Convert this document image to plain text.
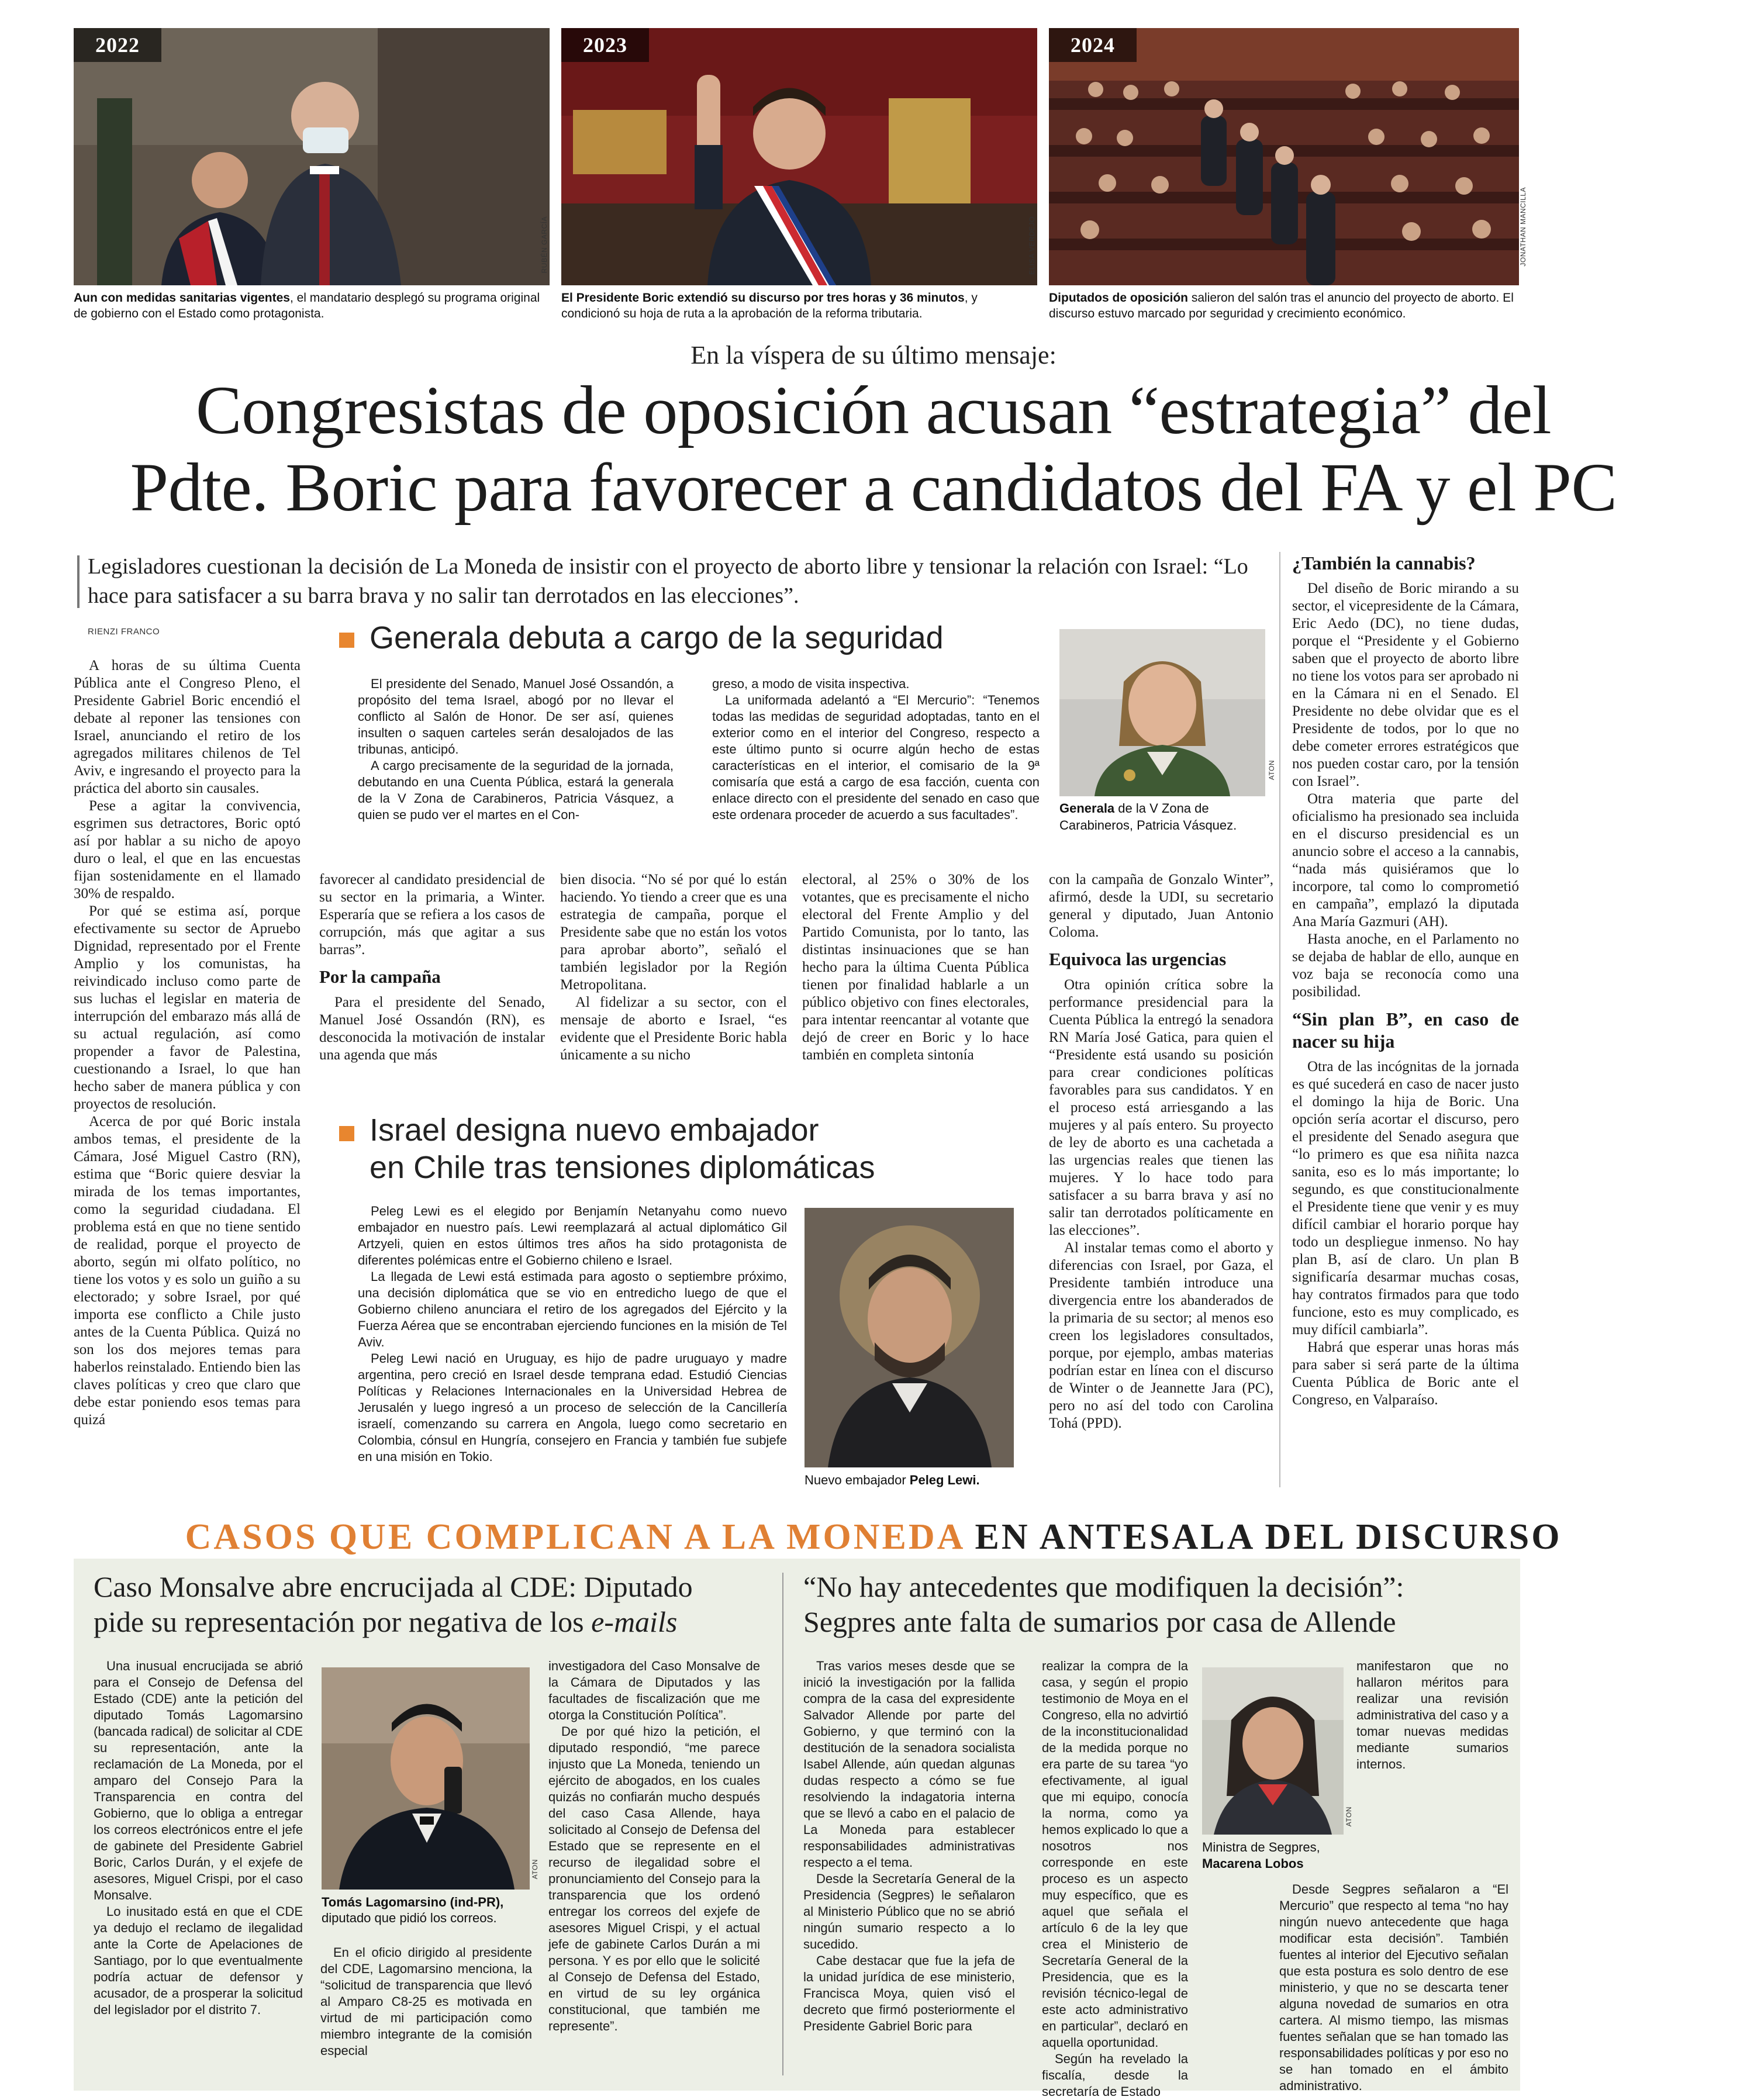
2022
RUBÉN GARCÍA
2023
ELISA VERDEJO
2024
JONATHAN MANCILLA
Aun con medidas sanitarias vigentes, el mandatario desplegó su programa original de gobierno con el Estado como protagonista.
El Presidente Boric extendió su discurso por tres horas y 36 minutos, y condicionó su hoja de ruta a la aprobación de la reforma tributaria.
Diputados de oposición salieron del salón tras el anuncio del proyecto de aborto. El discurso estuvo marcado por seguridad y crecimiento económico.
En la víspera de su último mensaje:
Congresistas de oposición acusan “estrategia” del
Pdte. Boric para favorecer a candidatos del FA y el PC
Legisladores cuestionan la decisión de La Moneda de insistir con el proyecto de aborto libre y tensionar la relación con Israel: “Lo hace para satisfacer a su barra brava y no salir tan derrotados en las elecciones”.
RIENZI FRANCO

A horas de su última Cuenta Pública ante el Congreso Pleno, el Presidente Gabriel Boric encendió el debate al reponer las tensiones con Israel, anunciando el retiro de los agregados militares chilenos de Tel Aviv, e ingresando el proyecto para la práctica del aborto sin causales.

Pese a agitar la convivencia, esgrimen sus detractores, Boric optó así por hablar a su nicho de apoyo duro o leal, el que en las encuestas fijan sostenidamente en el llamado 30% de respaldo.

Por qué se estima así, porque efectivamente su sector de Apruebo Dignidad, representado por el Frente Amplio y los comunistas, ha reivindicado incluso como parte de sus luchas el legislar en materia de interrupción del embarazo más allá de su actual regulación, así como propender a favor de Palestina, cuestionando a Israel, lo que han hecho saber de manera pública y con proyectos de resolución.

Acerca de por qué Boric instala ambos temas, el presidente de la Cámara, José Miguel Castro (RN), estima que “Boric quiere desviar la mirada de los temas importantes, como la seguridad ciudadana. El problema está en que no tiene sentido de realidad, porque el proyecto de aborto, según mi olfato político, no tiene los votos y es solo un guiño a su electorado; y sobre Israel, por qué importa ese conflicto a Chile justo antes de la Cuenta Pública. Quizá no son los dos mejores temas para haberlos reinstalado. Entiendo bien las claves políticas y creo que claro que debe estar poniendo esos temas para quizá

Generala debuta a cargo de la seguridad

El presidente del Senado, Manuel José Ossandón, a propósito del tema Israel, abogó por no llevar el conflicto al Salón de Honor. De ser así, quienes insulten o saquen carteles serán desalojados de las tribunas, anticipó.

A cargo precisamente de la seguridad de la jornada, debutando en una Cuenta Pública, estará la generala de la V Zona de Carabineros, Patricia Vásquez, a quien se pudo ver el martes en el Con-

greso, a modo de visita inspectiva.

La uniformada adelantó a “El Mercurio”: “Tenemos todas las medidas de seguridad adoptadas, tanto en el exterior como en el interior del Congreso, respecto a este último punto si ocurre algún hecho de estas características en el interior, el comisario de la 9ª comisaría que está a cargo de esa facción, cuenta con enlace directo con el presidente del senado en caso que este ordenara proceder de acuerdo a sus facultades”.

ATON
Generala de la V Zona de Carabineros, Patricia Vásquez.

favorecer al candidato presidencial de su sector en la primaria, a Winter. Esperaría que se refiera a los casos de corrupción, más que agitar a sus barras”.

Por la campaña

Para el presidente del Senado, Manuel José Ossandón (RN), es desconocida la motivación de instalar una agenda que más

bien disocia. “No sé por qué lo están haciendo. Yo tiendo a creer que es una estrategia de campaña, porque el Presidente sabe que no están los votos para aprobar aborto”, señaló el también legislador por la Región Metropolitana.

Al fidelizar a su sector, con el mensaje de aborto e Israel, “es evidente que el Presidente Boric habla únicamente a su nicho

electoral, al 25% o 30% de los votantes, que es precisamente el nicho electoral del Frente Amplio y del Partido Comunista, por lo tanto, las distintas insinuaciones que se han hecho para la última Cuenta Pública tienen por finalidad hablarle a un público objetivo con fines electorales, para intentar reencantar al votante que dejó de creer en Boric y lo hace también en completa sintonía

con la campaña de Gonzalo Winter”, afirmó, desde la UDI, su secretario general y diputado, Juan Antonio Coloma.

Equivoca las urgencias

Otra opinión crítica sobre la performance presidencial para la Cuenta Pública la entregó la senadora RN María José Gatica, para quien el “Presidente está usando su posición para crear condiciones políticas favorables para sus candidatos. Y en el proceso está arriesgando a las mujeres y al país entero. Su proyecto de ley de aborto es una cachetada a las urgencias reales que tienen las mujeres. Y lo hace todo para satisfacer a su barra brava y así no salir tan derrotados políticamente en las elecciones”.

Al instalar temas como el aborto y diferencias con Israel, por Gaza, el Presidente también introduce una divergencia entre los abanderados de la primaria de su sector; al menos eso creen los legisladores consultados, porque, por ejemplo, ambas materias podrían estar en línea con el discurso de Winter o de Jeannette Jara (PC), pero no así del todo con Carolina Tohá (PPD).

Israel designa nuevo embajador
en Chile tras tensiones diplomáticas

Peleg Lewi es el elegido por Benjamín Netanyahu como nuevo embajador en nuestro país. Lewi reemplazará al actual diplomático Gil Artzyeli, quien en estos últimos tres años ha sido protagonista de diferentes polémicas entre el Gobierno chileno e Israel.

La llegada de Lewi está estimada para agosto o septiembre próximo, una decisión diplomática que se vio en entredicho luego de que el Gobierno chileno anunciara el retiro de los agregados del Ejército y la Fuerza Aérea que se encontraban ejerciendo funciones en la misión de Tel Aviv.

Peleg Lewi nació en Uruguay, es hijo de padre uruguayo y madre argentina, pero creció en Israel desde temprana edad. Estudió Ciencias Políticas y Relaciones Internacionales en la Universidad Hebrea de Jerusalén y luego ingresó a un proceso de selección de la Cancillería israelí, comenzando su carrera en Angola, luego como secretario en Colombia, cónsul en Hungría, consejero en Francia y también fue subjefe en una misión en Tokio.

Nuevo embajador Peleg Lewi.
¿También la cannabis?

Del diseño de Boric mirando a su sector, el vicepresidente de la Cámara, Eric Aedo (DC), no tiene dudas, porque el “Presidente y el Gobierno saben que el proyecto de aborto libre no tiene los votos para ser aprobado ni en la Cámara ni en el Senado. El Presidente no debe olvidar que es el Presidente de todos, por lo que no debe cometer errores estratégicos que nos pueden costar caro, por la tensión con Israel”.

Otra materia que parte del oficialismo ha presionado sea incluida en el discurso presidencial es un anuncio sobre el acceso a la cannabis, “nada más quisiéramos que lo incorpore, tal como lo comprometió en campaña”, emplazó la diputada Ana María Gazmuri (AH).

Hasta anoche, en el Parlamento no se dejaba de hablar de ello, aunque en voz baja se reconocía como una posibilidad.

“Sin plan B”, en caso de nacer su hija

Otra de las incógnitas de la jornada es qué sucederá en caso de nacer justo el domingo la hija de Boric. Una opción sería acortar el discurso, pero el presidente del Senado asegura que “lo primero es que esa niñita nazca sanita, eso es lo más importante; lo segundo, es que constitucionalmente el Presidente tiene que venir y es muy difícil cambiar el horario porque hay todo un despliegue inmenso. No hay plan B, así de claro. Un plan B significaría desarmar muchas cosas, hay contratos firmados para que todo funcione, esto es muy complicado, es muy difícil cambiarla”.

Habrá que esperar unas horas más para saber si será parte de la última Cuenta Pública de Boric ante el Congreso, en Valparaíso.

CASOS QUE COMPLICAN A LA MONEDA EN ANTESALA DEL DISCURSO
Caso Monsalve abre encrucijada al CDE: Diputado
pide su representación por negativa de los e-mails

Una inusual encrucijada se abrió para el Consejo de Defensa del Estado (CDE) ante la petición del diputado Tomás Lagomarsino (bancada radical) de solicitar al CDE su representación, ante la reclamación de La Moneda, por el amparo del Consejo Para la Transparencia en contra del Gobierno, que lo obliga a entregar los correos electrónicos entre el jefe de gabinete del Presidente Gabriel Boric, Carlos Durán, y el exjefe de asesores, Miguel Crispi, por el caso Monsalve.

Lo inusitado está en que el CDE ya dedujo el reclamo de ilegalidad ante la Corte de Apelaciones de Santiago, por lo que eventualmente podría actuar de defensor y acusador, de a prosperar la solicitud del legislador por el distrito 7.

ATON
Tomás Lagomarsino (ind-PR), diputado que pidió los correos.

En el oficio dirigido al presidente del CDE, Lagomarsino menciona, la “solicitud de transparencia que llevó al Amparo C8-25 es motivada en virtud de mi participación como miembro integrante de la comisión especial

investigadora del Caso Monsalve de la Cámara de Diputados y las facultades de fiscalización que me otorga la Constitución Política”.

De por qué hizo la petición, el diputado respondió, “me parece injusto que La Moneda, teniendo un ejército de abogados, en los cuales quizás no confiarán mucho después del caso Casa Allende, haya solicitado al Consejo de Defensa del Estado que se represente en el recurso de ilegalidad sobre el pronunciamiento del Consejo para la transparencia que los ordenó entregar los correos del exjefe de asesores Miguel Crispi, y el actual jefe de gabinete Carlos Durán a mi persona. Y es por ello que le solicité al Consejo de Defensa del Estado, en virtud de su ley orgánica constitucional, que también me represente”.

“No hay antecedentes que modifiquen la decisión”:
Segpres ante falta de sumarios por casa de Allende

Tras varios meses desde que se inició la investigación por la fallida compra de la casa del expresidente Salvador Allende por parte del Gobierno, y que terminó con la destitución de la senadora socialista Isabel Allende, aún quedan algunas dudas respecto a cómo se fue resolviendo la indagatoria interna que se llevó a cabo en el palacio de La Moneda para establecer responsabilidades administrativas respecto a el tema.

Desde la Secretaría General de la Presidencia (Segpres) le señalaron al Ministerio Público que no se abrió ningún sumario respecto a lo sucedido.

Cabe destacar que fue la jefa de la unidad jurídica de ese ministerio, Francisca Moya, quien visó el decreto que firmó posteriormente el Presidente Gabriel Boric para

realizar la compra de la casa, y según el propio testimonio de Moya en el Congreso, ella no advirtió de la inconstitucionalidad de la medida porque no era parte de su tarea “yo efectivamente, al igual que mi equipo, conocía la norma, como ya hemos explicado lo que a nosotros nos corresponde en este proceso es un aspecto muy específico, que es aquel que señala el artículo 6 de la ley que crea el Ministerio de Secretaría General de la Presidencia, que es la revisión técnico-legal de este acto administrativo en particular”, declaró en aquella oportunidad.

Según ha revelado la fiscalía, desde la secretaría de Estado

ATON
Ministra de Segpres,
Macarena Lobos

manifestaron que no hallaron méritos para realizar una revisión administrativa del caso y a tomar nuevas medidas mediante sumarios internos.

Desde Segpres señalaron a “El Mercurio” que respecto al tema “no hay ningún nuevo antecedente que haga modificar esta decisión”. También fuentes al interior del Ejecutivo señalan que esta postura es solo dentro de ese ministerio, y que no se descarta tener alguna novedad de sumarios en otra cartera. Al mismo tiempo, las mismas fuentes señalan que se han tomado las responsabilidades políticas y por eso no se han tomado en el ámbito administrativo.
